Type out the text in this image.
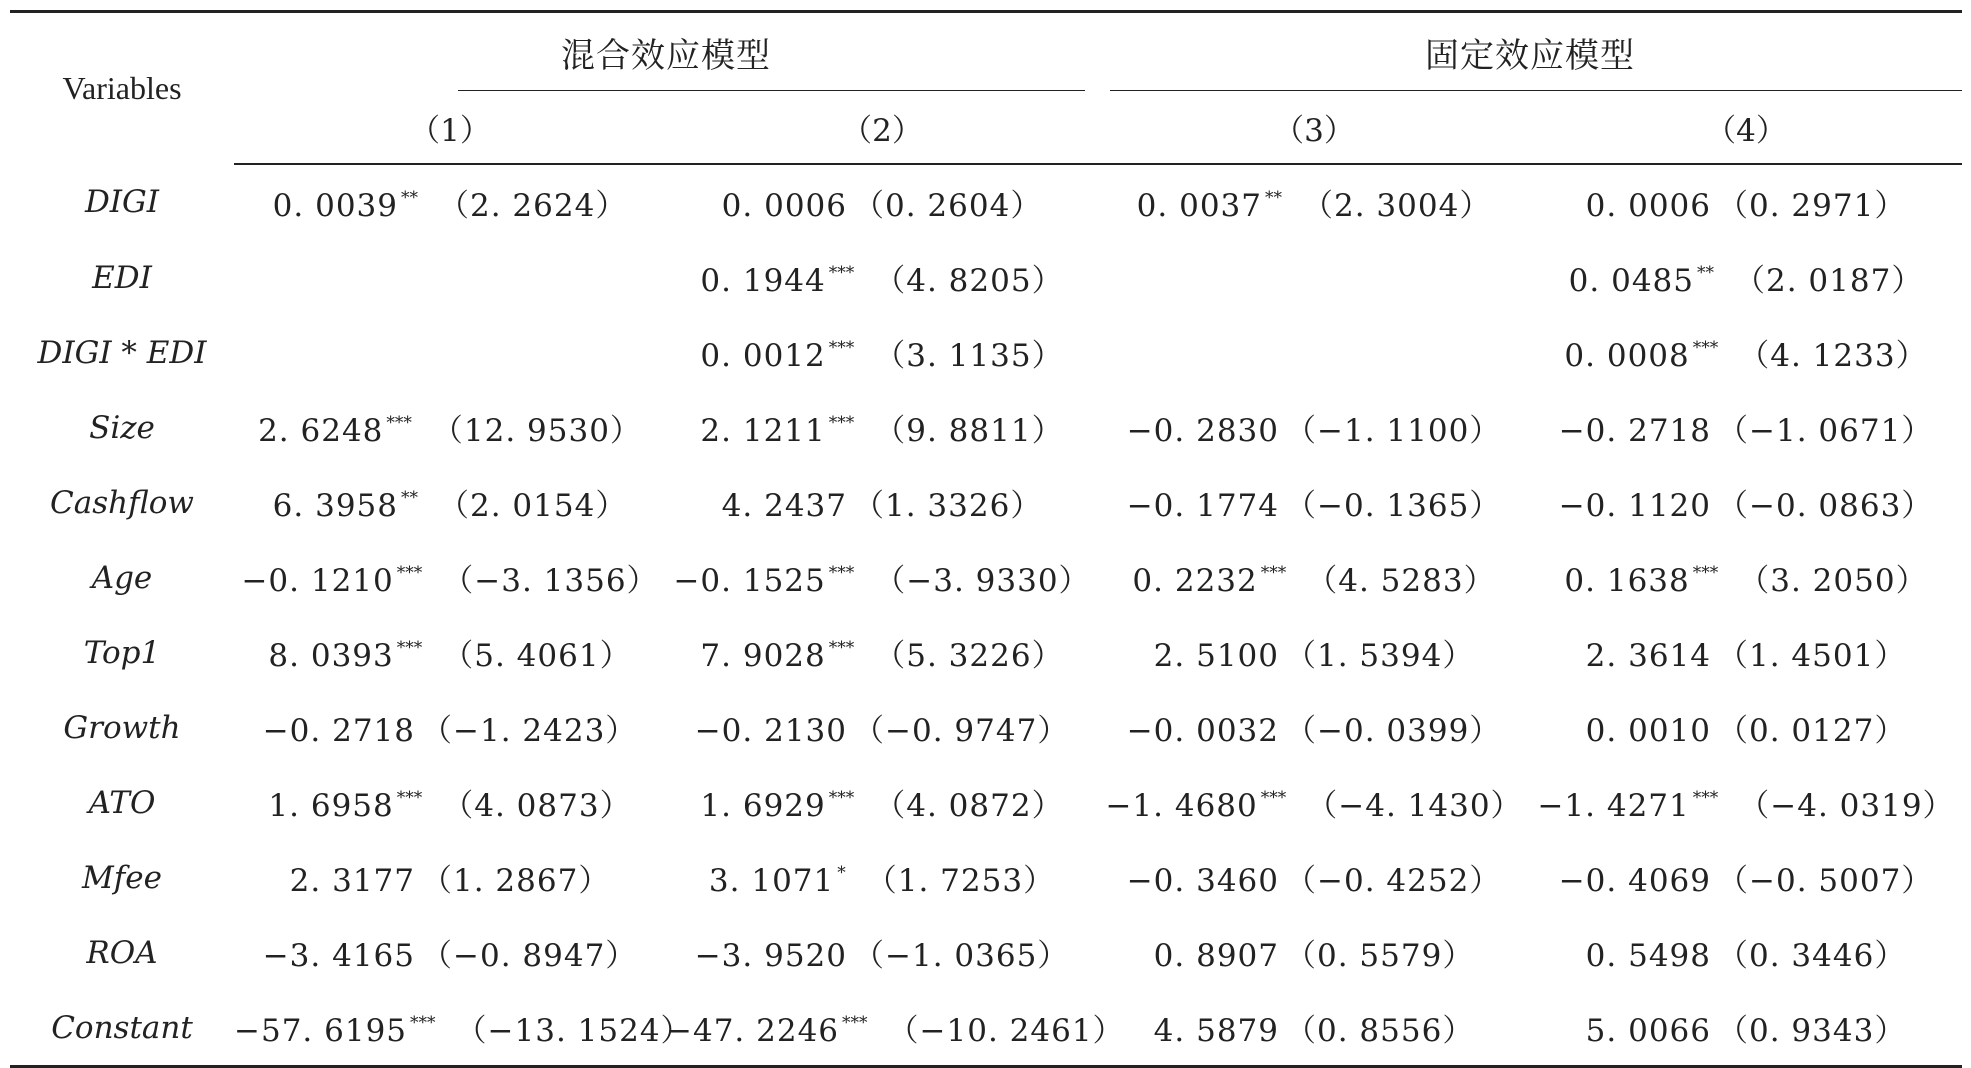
Variables	混合效应模型		固定效应模型	
	（1）	（2）	（3）	（4）
DIGI	0. 0039 ** （2. 2624）	0. 0006 （0. 2604）	0. 0037 ** （2. 3004）	0. 0006 （0. 2971）
EDI		0. 1944 *** （4. 8205）		0. 0485 ** （2. 0187）
DIGI * EDI		0. 0012 *** （3. 1135）		0. 0008 *** （4. 1233）
Size	2. 6248 *** （12. 9530）	2. 1211 *** （9. 8811）	−0. 2830 （−1. 1100）	−0. 2718 （−1. 0671）
Cashflow	6. 3958 ** （2. 0154）	4. 2437 （1. 3326）	−0. 1774 （−0. 1365）	−0. 1120 （−0. 0863）
Age	−0. 1210 *** （−3. 1356）	−0. 1525 *** （−3. 9330）	0. 2232 *** （4. 5283）	0. 1638 *** （3. 2050）
Top1	8. 0393 *** （5. 4061）	7. 9028 *** （5. 3226）	2. 5100 （1. 5394）	2. 3614 （1. 4501）
Growth	−0. 2718 （−1. 2423）	−0. 2130 （−0. 9747）	−0. 0032 （−0. 0399）	0. 0010 （0. 0127）
ATO	1. 6958 *** （4. 0873）	1. 6929 *** （4. 0872）	−1. 4680 *** （−4. 1430）	−1. 4271 *** （−4. 0319）
Mfee	2. 3177 （1. 2867）	3. 1071 * （1. 7253）	−0. 3460 （−0. 4252）	−0. 4069 （−0. 5007）
ROA	−3. 4165 （−0. 8947）	−3. 9520 （−1. 0365）	0. 8907 （0. 5579）	0. 5498 （0. 3446）
Constant	−57. 6195 *** （−13. 1524）	−47. 2246 *** （−10. 2461）	4. 5879 （0. 8556）	5. 0066 （0. 9343）
